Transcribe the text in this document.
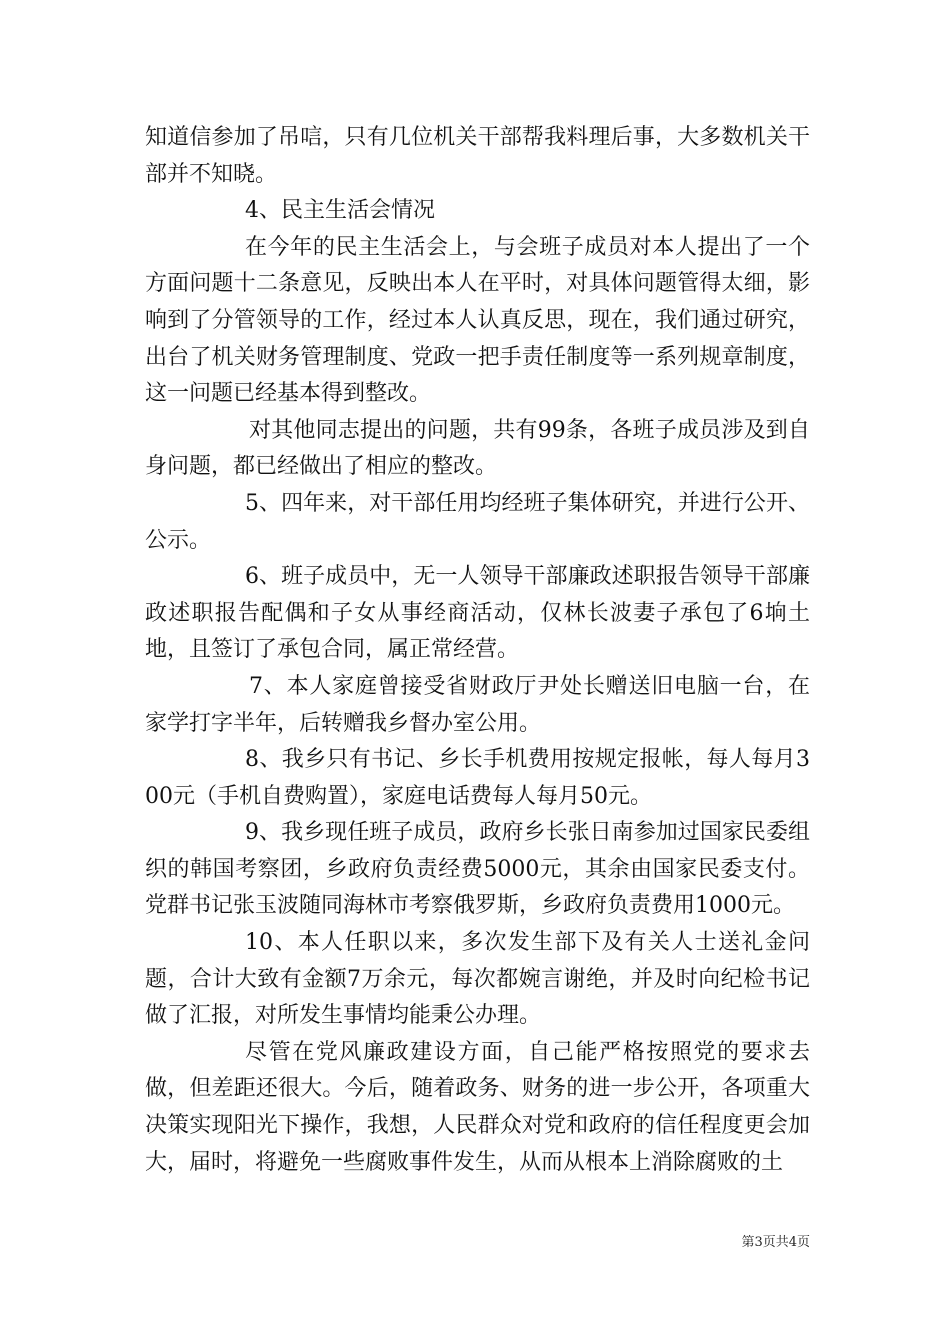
知道信参加了吊唁，只有几位机关干部帮我料理后事，大多数机关干部并不知晓。

4、民主生活会情况

在今年的民主生活会上，与会班子成员对本人提出了一个方面问题十二条意见，反映出本人在平时，对具体问题管得太细，影响到了分管领导的工作，经过本人认真反思，现在，我们通过研究，出台了机关财务管理制度、党政一把手责任制度等一系列规章制度，这一问题已经基本得到整改。

对其他同志提出的问题，共有99条，各班子成员涉及到自身问题，都已经做出了相应的整改。

5、四年来，对干部任用均经班子集体研究，并进行公开、公示。

6、班子成员中，无一人领导干部廉政述职报告领导干部廉政述职报告配偶和子女从事经商活动，仅林长波妻子承包了6垧土地，且签订了承包合同，属正常经营。

7、本人家庭曾接受省财政厅尹处长赠送旧电脑一台，在家学打字半年，后转赠我乡督办室公用。

8、我乡只有书记、乡长手机费用按规定报帐，每人每月300元（手机自费购置），家庭电话费每人每月50元。

9、我乡现任班子成员，政府乡长张日南参加过国家民委组织的韩国考察团，乡政府负责经费5000元，其余由国家民委支付。党群书记张玉波随同海林市考察俄罗斯，乡政府负责费用1000元。

10、本人任职以来，多次发生部下及有关人士送礼金问题，合计大致有金额7万余元，每次都婉言谢绝，并及时向纪检书记做了汇报，对所发生事情均能秉公办理。

尽管在党风廉政建设方面，自己能严格按照党的要求去做，但差距还很大。今后，随着政务、财务的进一步公开，各项重大决策实现阳光下操作，我想，人民群众对党和政府的信任程度更会加大，届时，将避免一些腐败事件发生，从而从根本上消除腐败的土

第3页共4页
